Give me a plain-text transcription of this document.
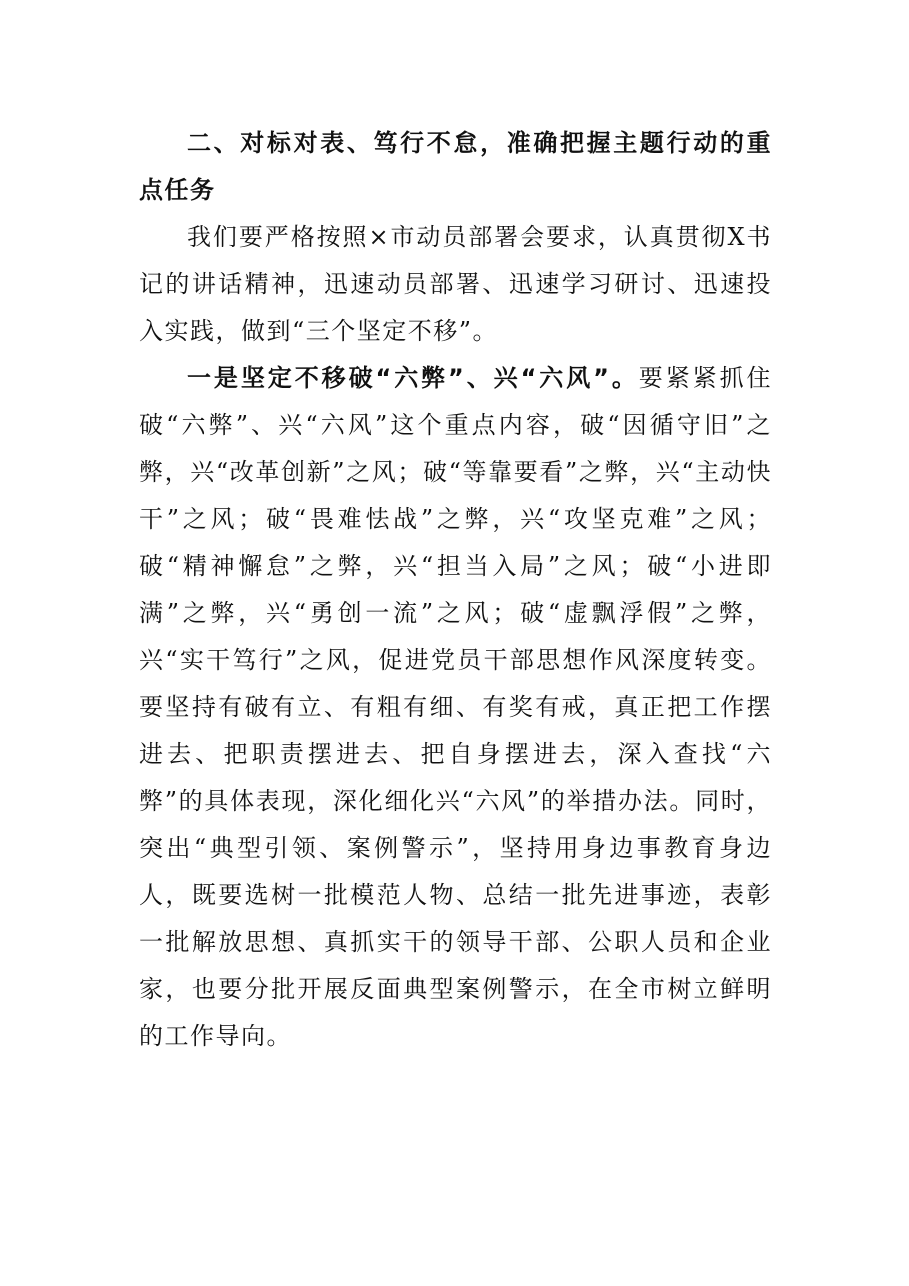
二、对标对表、笃行不怠，准确把握主题行动的重点任务

我们要严格按照×市动员部署会要求，认真贯彻X书记的讲话精神，迅速动员部署、迅速学习研讨、迅速投入实践，做到“三个坚定不移”。

一是坚定不移破“六弊”、兴“六风”。要紧紧抓住破“六弊”、兴“六风”这个重点内容，破“因循守旧”之弊，兴“改革创新”之风；破“等靠要看”之弊，兴“主动快干”之风；破“畏难怯战”之弊，兴“攻坚克难”之风；破“精神懈怠”之弊，兴“担当入局”之风；破“小进即满”之弊，兴“勇创一流”之风；破“虚飘浮假”之弊，兴“实干笃行”之风，促进党员干部思想作风深度转变。要坚持有破有立、有粗有细、有奖有戒，真正把工作摆进去、把职责摆进去、把自身摆进去，深入查找“六弊”的具体表现，深化细化兴“六风”的举措办法。同时，突出“典型引领、案例警示”，坚持用身边事教育身边人，既要选树一批模范人物、总结一批先进事迹，表彰一批解放思想、真抓实干的领导干部、公职人员和企业家，也要分批开展反面典型案例警示，在全市树立鲜明的工作导向。
